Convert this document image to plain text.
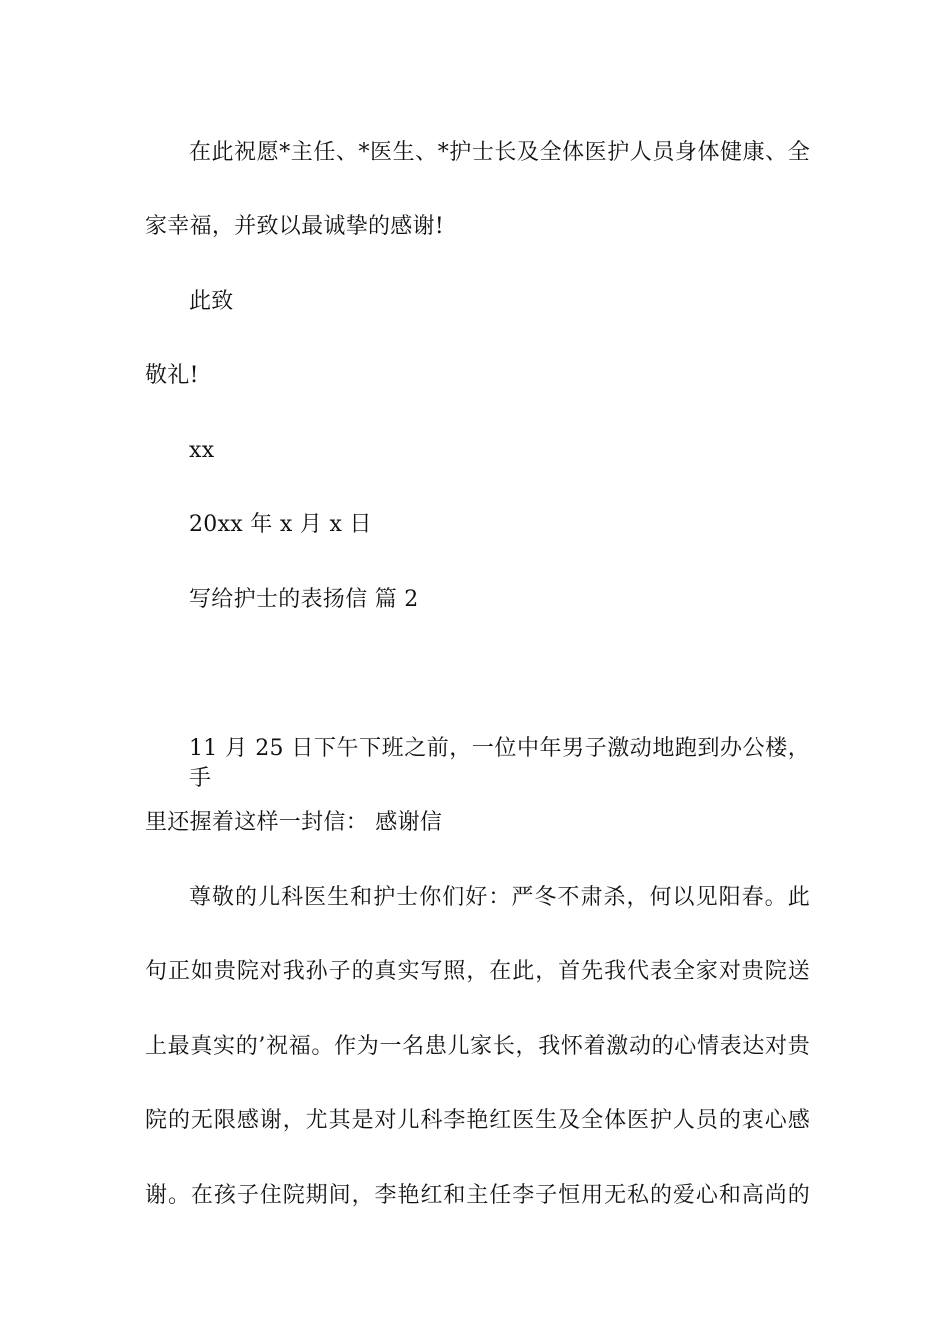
在此祝愿*主任、*医生、*护士长及全体医护人员身体健康、全
家幸福，并致以最诚挚的感谢!
此致
敬礼!
xx
20xx 年 x 月 x 日
写给护士的表扬信 篇 2
11 月 25 日下午下班之前，一位中年男子激动地跑到办公楼，手
里还握着这样一封信： 感谢信
尊敬的儿科医生和护士你们好：严冬不肃杀，何以见阳春。此
句正如贵院对我孙子的真实写照，在此，首先我代表全家对贵院送
上最真实的’祝福。作为一名患儿家长，我怀着激动的心情表达对贵
院的无限感谢，尤其是对儿科李艳红医生及全体医护人员的衷心感
谢。在孩子住院期间，李艳红和主任李子恒用无私的爱心和高尚的
